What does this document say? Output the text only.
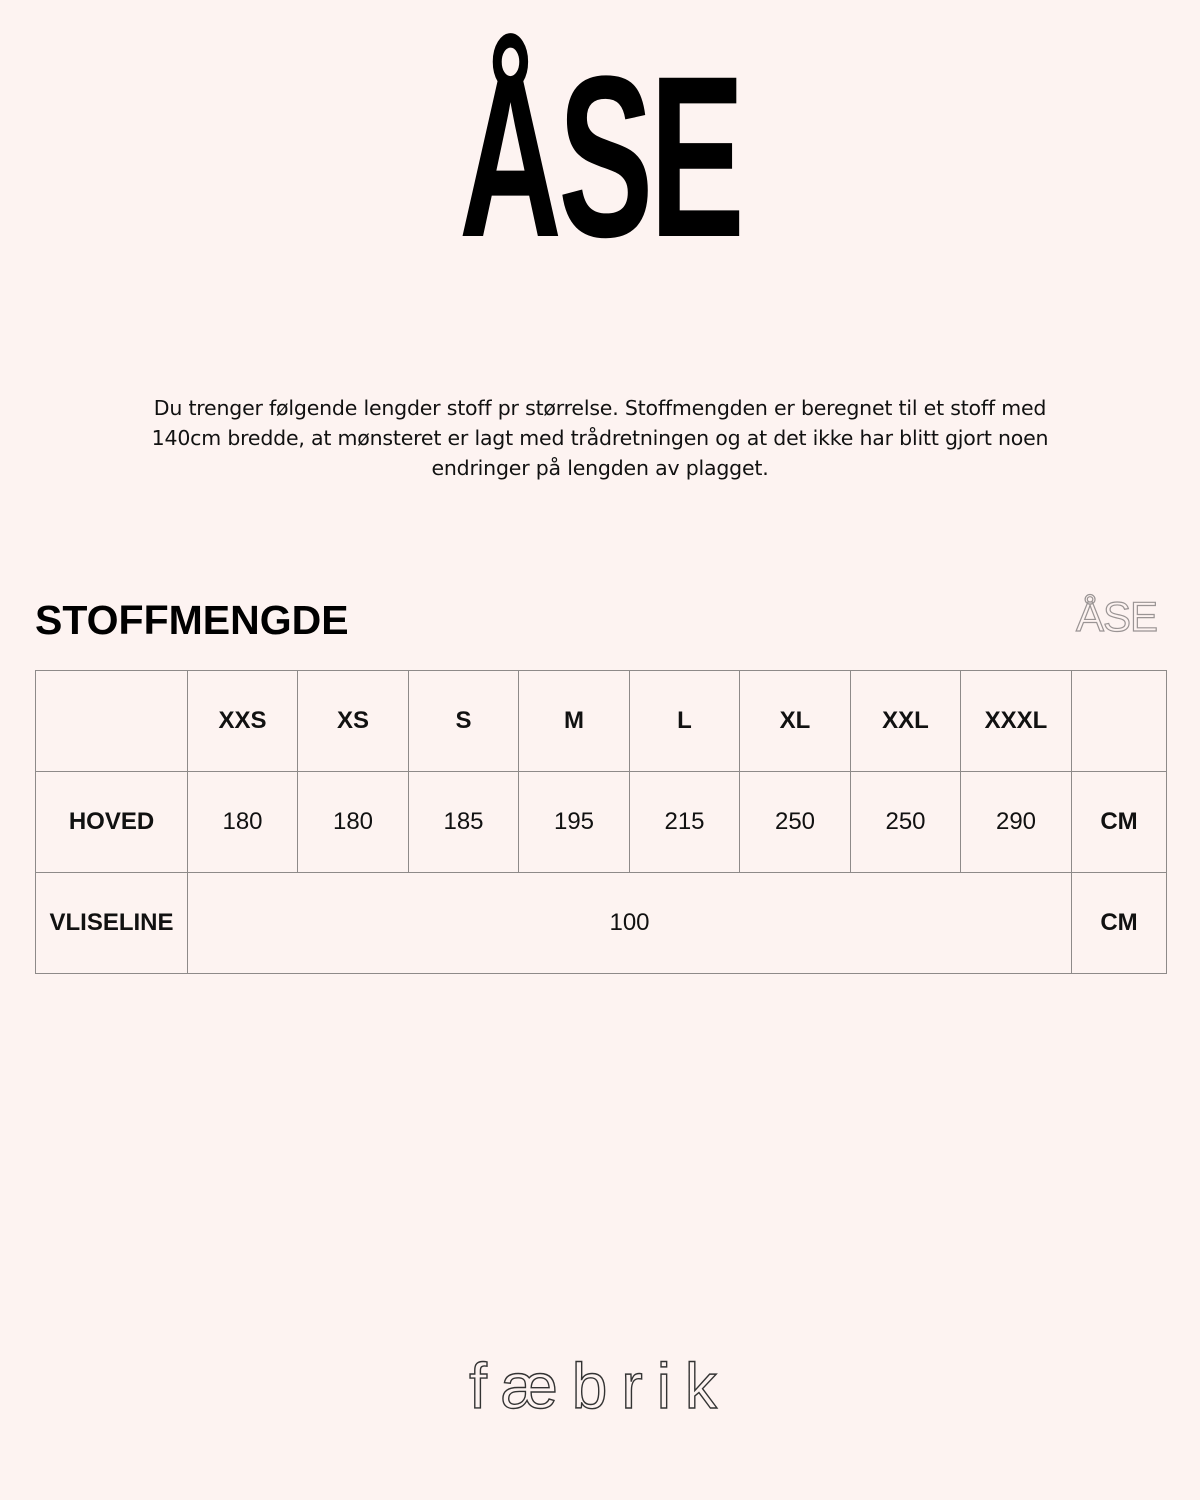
ÅSE
Du trenger følgende lengder stoff pr størrelse. Stoffmengden er beregnet til et stoff med 140cm bredde, at mønsteret er lagt med trådretningen og at det ikke har blitt gjort noen endringer på lengden av plagget.
STOFFMENGDE	ÅSE
	XXS	XS	S	M	L	XL	XXL	XXXL	
HOVED	180	180	185	195	215	250	250	290	CM
VLISELINE	100								CM
fæbrik
